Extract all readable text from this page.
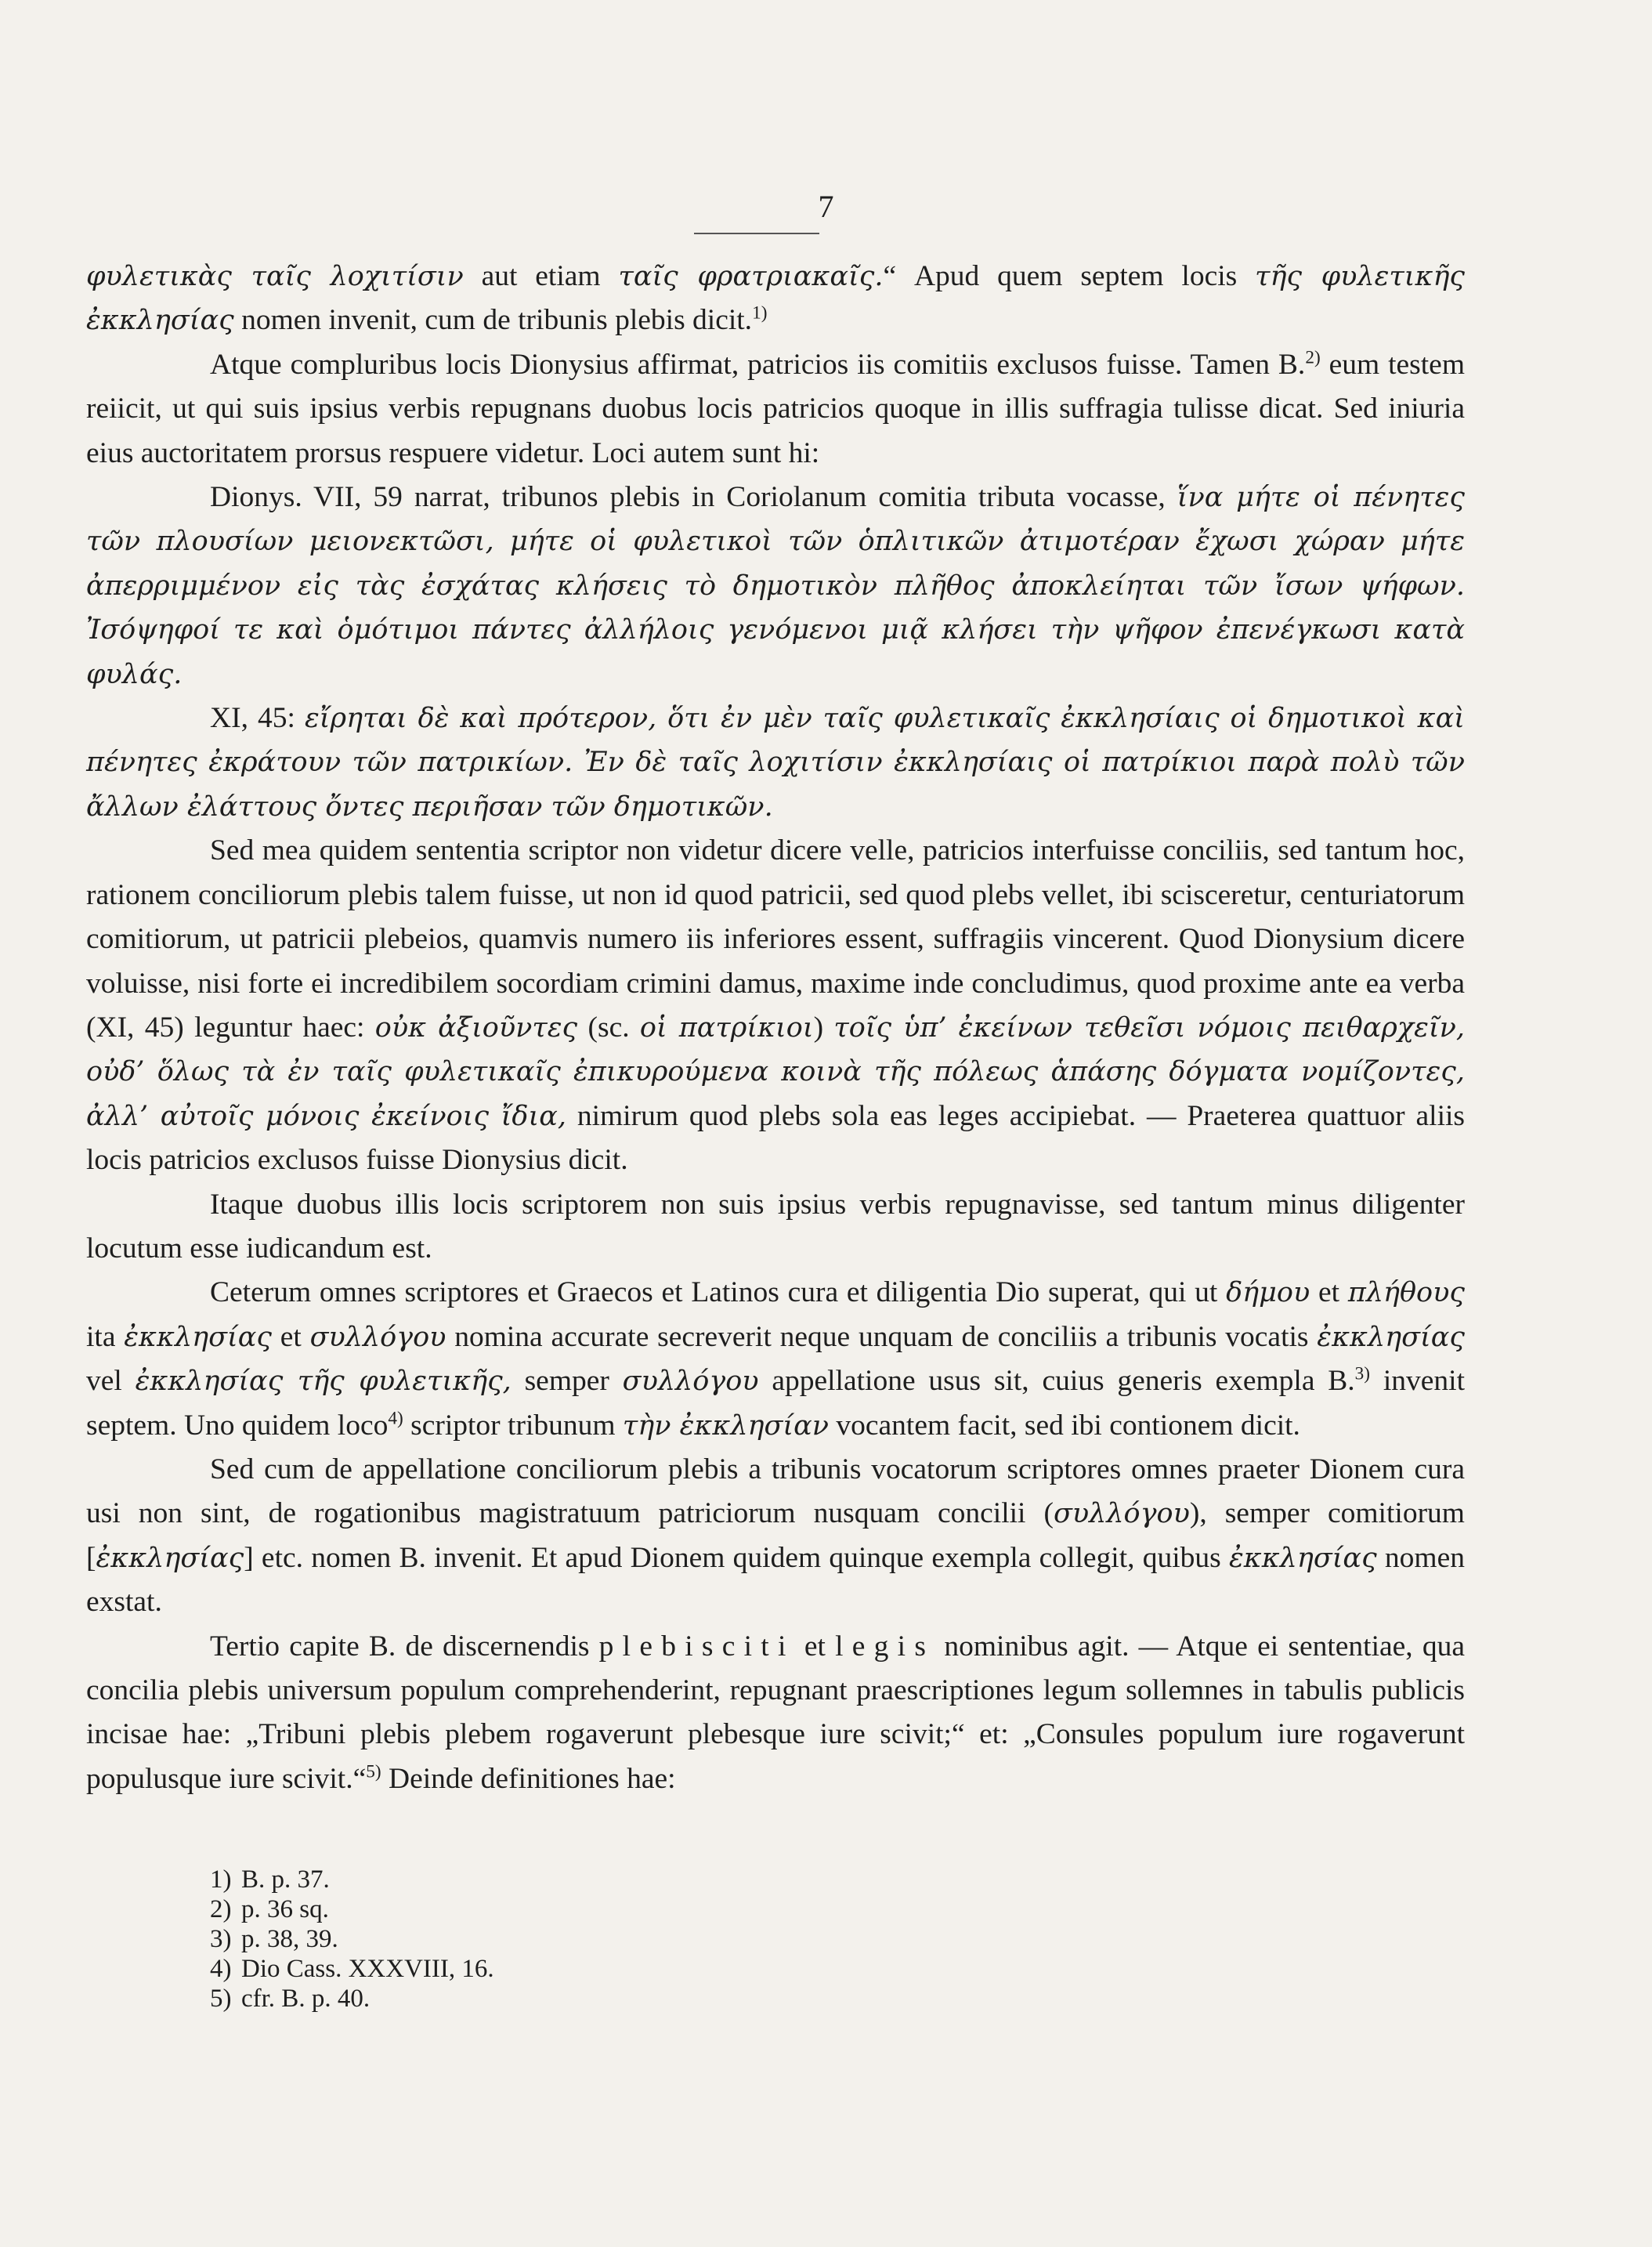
7

φυλετικὰς ταῖς λοχιτίσιν aut etiam ταῖς φρατριακαῖς.“ Apud quem septem locis τῆς φυλετικῆς ἐκκλησίας nomen invenit, cum de tribunis plebis dicit.$^{1)}$

Atque compluribus locis Dionysius affirmat, patricios iis comitiis exclusos fuisse. Tamen B.$^{2)}$ eum testem reiicit, ut qui suis ipsius verbis repugnans duobus locis patricios quoque in illis suffragia tulisse dicat. Sed iniuria eius auctoritatem prorsus respuere videtur. Loci autem sunt hi:

Dionys. VII, 59 narrat, tribunos plebis in Coriolanum comitia tributa vocasse, ἵνα μήτε οἱ πένητες τῶν πλουσίων μειονεκτῶσι, μήτε οἱ φυλετικοὶ τῶν ὁπλιτικῶν ἀτιμοτέραν ἔχωσι χώραν μήτε ἀπερριμμένον εἰς τὰς ἐσχάτας κλήσεις τὸ δημοτικὸν πλῆθος ἀποκλείηται τῶν ἴσων ψήφων. Ἰσόψηφοί τε καὶ ὁμότιμοι πάντες ἀλλήλοις γενόμενοι μιᾷ κλήσει τὴν ψῆφον ἐπενέγκωσι κατὰ φυλάς.

XI, 45: εἴρηται δὲ καὶ πρότερον, ὅτι ἐν μὲν ταῖς φυλετικαῖς ἐκκλησίαις οἱ δημοτικοὶ καὶ πένητες ἐκράτουν τῶν πατρικίων. Ἐν δὲ ταῖς λοχιτίσιν ἐκκλησίαις οἱ πατρίκιοι παρὰ πολὺ τῶν ἄλλων ἐλάττους ὄντες περιῆσαν τῶν δημοτικῶν.

Sed mea quidem sententia scriptor non videtur dicere velle, patricios interfuisse conciliis, sed tantum hoc, rationem conciliorum plebis talem fuisse, ut non id quod patricii, sed quod plebs vellet, ibi scisceretur, centuriatorum comitiorum, ut patricii plebeios, quamvis numero iis inferiores essent, suffragiis vincerent. Quod Dionysium dicere voluisse, nisi forte ei incredibilem socordiam crimini damus, maxime inde concludimus, quod proxime ante ea verba (XI, 45) leguntur haec: οὐκ ἀξιοῦντες (sc. οἱ πατρίκιοι) τοῖς ὑπ’ ἐκείνων τεθεῖσι νόμοις πειθαρχεῖν, οὐδ’ ὅλως τὰ ἐν ταῖς φυλετικαῖς ἐπικυρούμενα κοινὰ τῆς πόλεως ἁπάσης δόγματα νομίζοντες, ἀλλ’ αὐτοῖς μόνοις ἐκείνοις ἴδια, nimirum quod plebs sola eas leges accipiebat. — Praeterea quattuor aliis locis patricios exclusos fuisse Dionysius dicit.

Itaque duobus illis locis scriptorem non suis ipsius verbis repugnavisse, sed tantum minus diligenter locutum esse iudicandum est.

Ceterum omnes scriptores et Graecos et Latinos cura et diligentia Dio superat, qui ut δήμου et πλήθους ita ἐκκλησίας et συλλόγου nomina accurate secreverit neque unquam de conciliis a tribunis vocatis ἐκκλησίας vel ἐκκλησίας τῆς φυλετικῆς, semper συλλόγου appellatione usus sit, cuius generis exempla B.$^{3)}$ invenit septem. Uno quidem loco$^{4)}$ scriptor tribunum τὴν ἐκκλησίαν vocantem facit, sed ibi contionem dicit.

Sed cum de appellatione conciliorum plebis a tribunis vocatorum scriptores omnes praeter Dionem cura usi non sint, de rogationibus magistratuum patriciorum nusquam concilii (συλλόγου), semper comitiorum [ἐκκλησίας] etc. nomen B. invenit. Et apud Dionem quidem quinque exempla collegit, quibus ἐκκλησίας nomen exstat.

Tertio capite B. de discernendis plebisciti et legis nominibus agit. — Atque ei sententiae, qua concilia plebis universum populum comprehenderint, repugnant praescriptiones legum sollemnes in tabulis publicis incisae hae: „Tribuni plebis plebem rogaverunt plebesque iure scivit;“ et: „Consules populum iure rogaverunt populusque iure scivit.“$^{5)}$ Deinde definitiones hae:

1) B. p. 37.
2) p. 36 sq.
3) p. 38, 39.
4) Dio Cass. XXXVIII, 16.
5) cfr. B. p. 40.
